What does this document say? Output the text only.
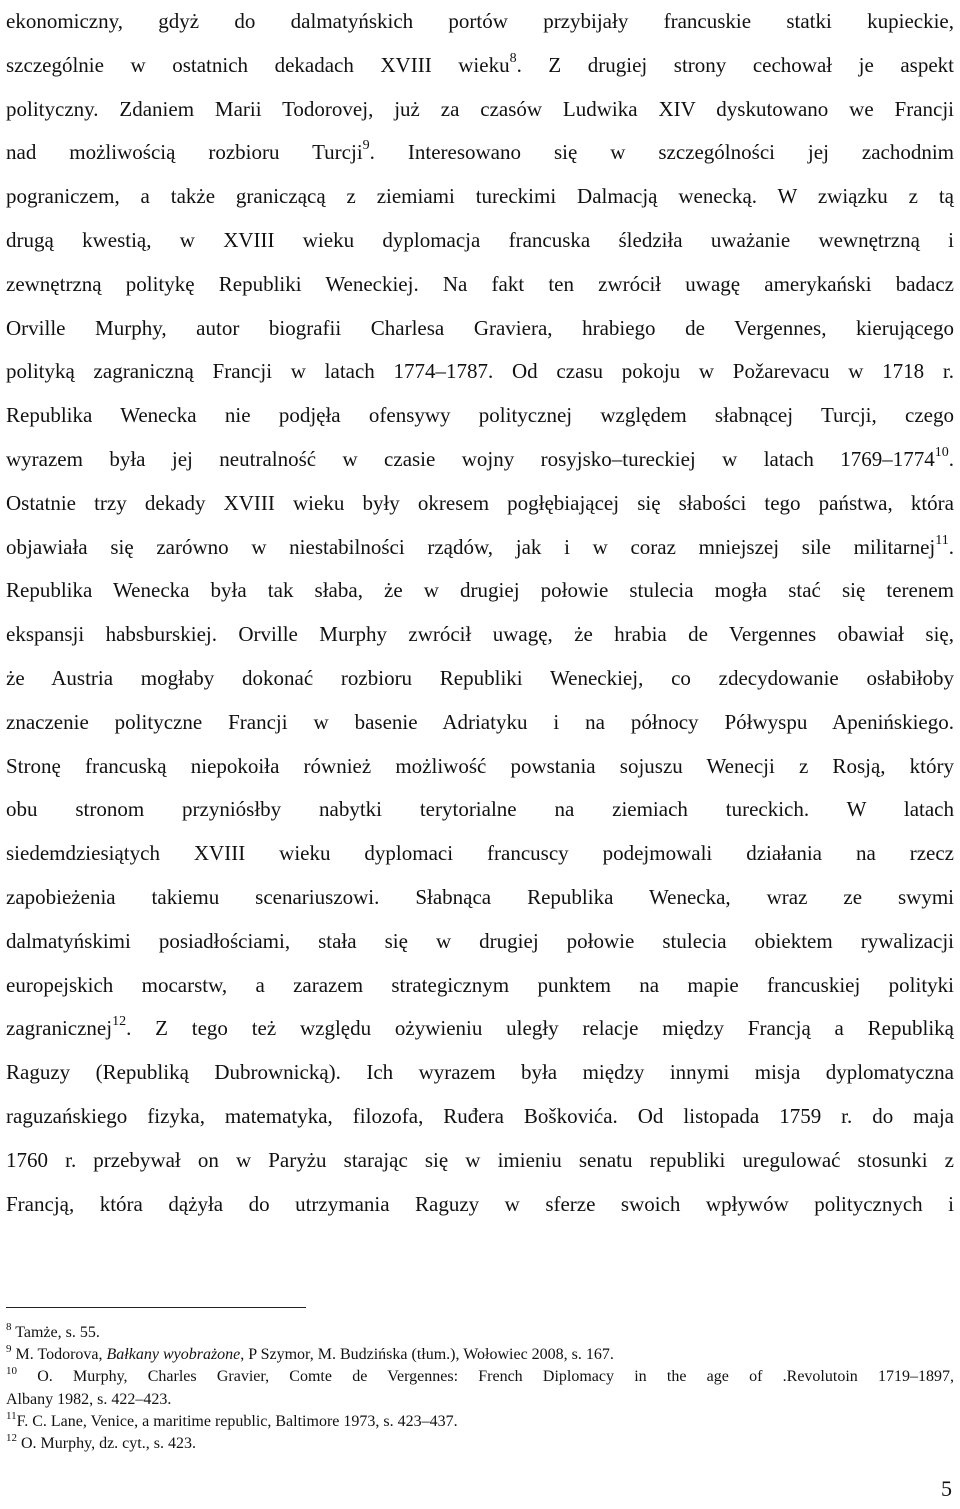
ekonomiczny, gdyż do dalmatyńskich portów przybijały francuskie statki kupieckie,
szczególnie w ostatnich dekadach XVIII wieku$^8$. Z drugiej strony cechował je aspekt
polityczny. Zdaniem Marii Todorovej, już za czasów Ludwika XIV dyskutowano we Francji
nad możliwością rozbioru Turcji$^9$. Interesowano się w szczególności jej zachodnim
pograniczem, a także graniczącą z ziemiami tureckimi Dalmacją wenecką. W związku z tą
drugą kwestią, w XVIII wieku dyplomacja francuska śledziła uważanie wewnętrzną i
zewnętrzną politykę Republiki Weneckiej. Na fakt ten zwrócił uwagę amerykański badacz
Orville Murphy, autor biografii Charlesa Graviera, hrabiego de Vergennes, kierującego
polityką zagraniczną Francji w latach 1774–1787. Od czasu pokoju w Požarevacu w 1718 r.
Republika Wenecka nie podjęła ofensywy politycznej względem słabnącej Turcji, czego
wyrazem była jej neutralność w czasie wojny rosyjsko–tureckiej w latach 1769–1774$^{10}$.
Ostatnie trzy dekady XVIII wieku były okresem pogłębiającej się słabości tego państwa, która
objawiała się zarówno w niestabilności rządów, jak i w coraz mniejszej sile militarnej$^{11}$.
Republika Wenecka była tak słaba, że w drugiej połowie stulecia mogła stać się terenem
ekspansji habsburskiej. Orville Murphy zwrócił uwagę, że hrabia de Vergennes obawiał się,
że Austria mogłaby dokonać rozbioru Republiki Weneckiej, co zdecydowanie osłabiłoby
znaczenie polityczne Francji w basenie Adriatyku i na północy Półwyspu Apenińskiego.
Stronę francuską niepokoiła również możliwość powstania sojuszu Wenecji z Rosją, który
obu stronom przyniósłby nabytki terytorialne na ziemiach tureckich. W latach
siedemdziesiątych XVIII wieku dyplomaci francuscy podejmowali działania na rzecz
zapobieżenia takiemu scenariuszowi. Słabnąca Republika Wenecka, wraz ze swymi
dalmatyńskimi posiadłościami, stała się w drugiej połowie stulecia obiektem rywalizacji
europejskich mocarstw, a zarazem strategicznym punktem na mapie francuskiej polityki
zagranicznej$^{12}$. Z tego też względu ożywieniu uległy relacje między Francją a Republiką
Raguzy (Republiką Dubrownicką). Ich wyrazem była między innymi misja dyplomatyczna
raguzańskiego fizyka, matematyka, filozofa, Ruđera Boškovića. Od listopada 1759 r. do maja
1760 r. przebywał on w Paryżu starając się w imieniu senatu republiki uregulować stosunki z
Francją, która dążyła do utrzymania Raguzy w sferze swoich wpływów politycznych i
$^8$ Tamże, s. 55.
$^9$ M. Todorova, Bałkany wyobrażone, P Szymor, M. Budzińska (tłum.), Wołowiec 2008, s. 167.
$^{10}$ O. Murphy, Charles Gravier, Comte de Vergennes: French Diplomacy in the age of .Revolutoin 1719–1897,
Albany 1982, s. 422–423.
$^{11}$F. C. Lane, Venice, a maritime republic, Baltimore 1973, s. 423–437.
$^{12}$ O. Murphy, dz. cyt., s. 423.
5
